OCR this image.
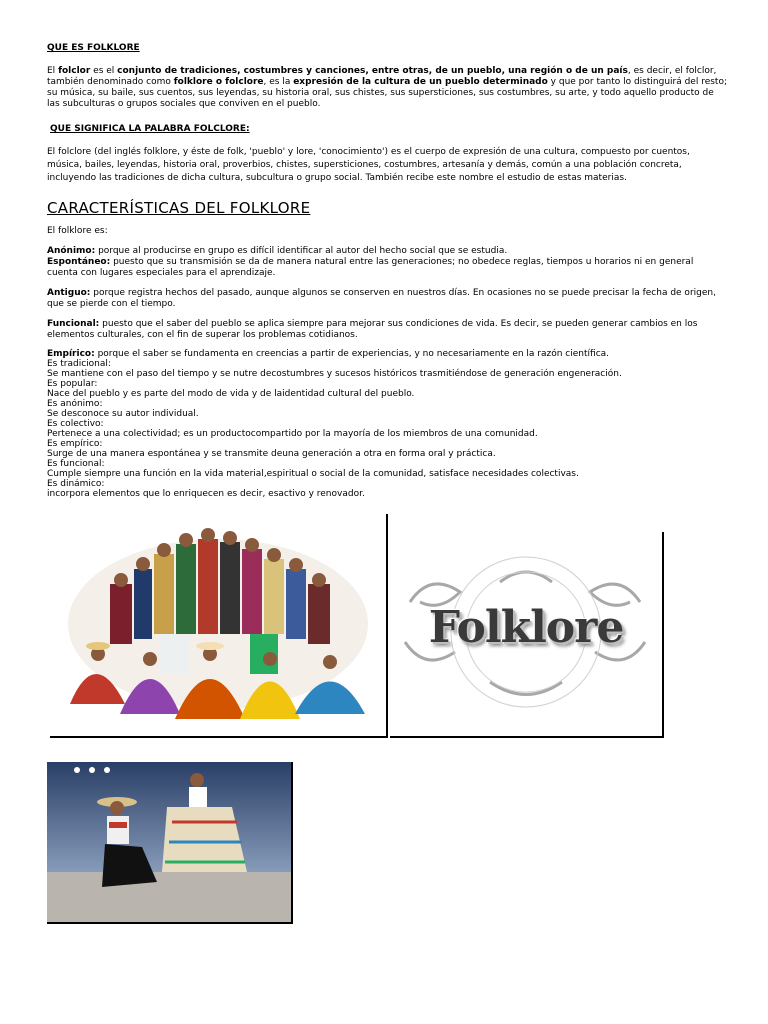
QUE ES FOLKLORE

El folclor es el conjunto de tradiciones, costumbres y canciones, entre otras, de un pueblo, una región o de un país, es decir, el folclor, también denominado como folklore o folclore, es la expresión de la cultura de un pueblo determinado y que por tanto lo distinguirá del resto; su música, su baile, sus cuentos, sus leyendas, su historia oral, sus chistes, sus supersticiones, sus costumbres, su arte, y todo aquello producto de las subculturas o grupos sociales que conviven en el pueblo.

QUE SIGNIFICA LA PALABRA FOLCLORE:

El folclore (del inglés folklore, y éste de folk, 'pueblo' y lore, 'conocimiento') es el cuerpo de expresión de una cultura, compuesto por cuentos, música, bailes, leyendas, historia oral, proverbios, chistes, supersticiones, costumbres, artesanía y demás, común a una población concreta, incluyendo las tradiciones de dicha cultura, subcultura o grupo social. También recibe este nombre el estudio de estas materias.

CARACTERÍSTICAS DEL FOLKLORE

El folklore es:

Anónimo: porque al producirse en grupo es difícil identificar al autor del hecho social que se estudia.

Espontáneo: puesto que su transmisión se da de manera natural entre las generaciones; no obedece reglas, tiempos u horarios ni en general cuenta con lugares especiales para el aprendizaje.

Antiguo: porque registra hechos del pasado, aunque algunos se conserven en nuestros días. En ocasiones no se puede precisar la fecha de origen, que se pierde con el tiempo.

Funcional: puesto que el saber del pueblo se aplica siempre para mejorar sus condiciones de vida. Es decir, se pueden generar cambios en los elementos culturales, con el fin de superar los problemas cotidianos.

Empírico: porque el saber se fundamenta en creencias a partir de experiencias, y no necesariamente en la razón científica.

Es tradicional:

Se mantiene con el paso del tiempo y se nutre decostumbres y sucesos históricos trasmitiéndose de generación engeneración.

Es popular:

Nace del pueblo y es parte del modo de vida y de laidentidad cultural del pueblo.

Es anónimo:

Se desconoce su autor individual.

Es colectivo:

Pertenece a una colectividad; es un productocompartido por la mayoría de los miembros de una comunidad.

Es empírico:

Surge de una manera espontánea y se transmite deuna generación a otra en forma oral y práctica.

Es funcional:

Cumple siempre una función en la vida material,espiritual o social de la comunidad, satisface necesidades colectivas.

Es dinámico:

incorpora elementos que lo enriquecen es decir, esactivo y renovador.

Folklore
